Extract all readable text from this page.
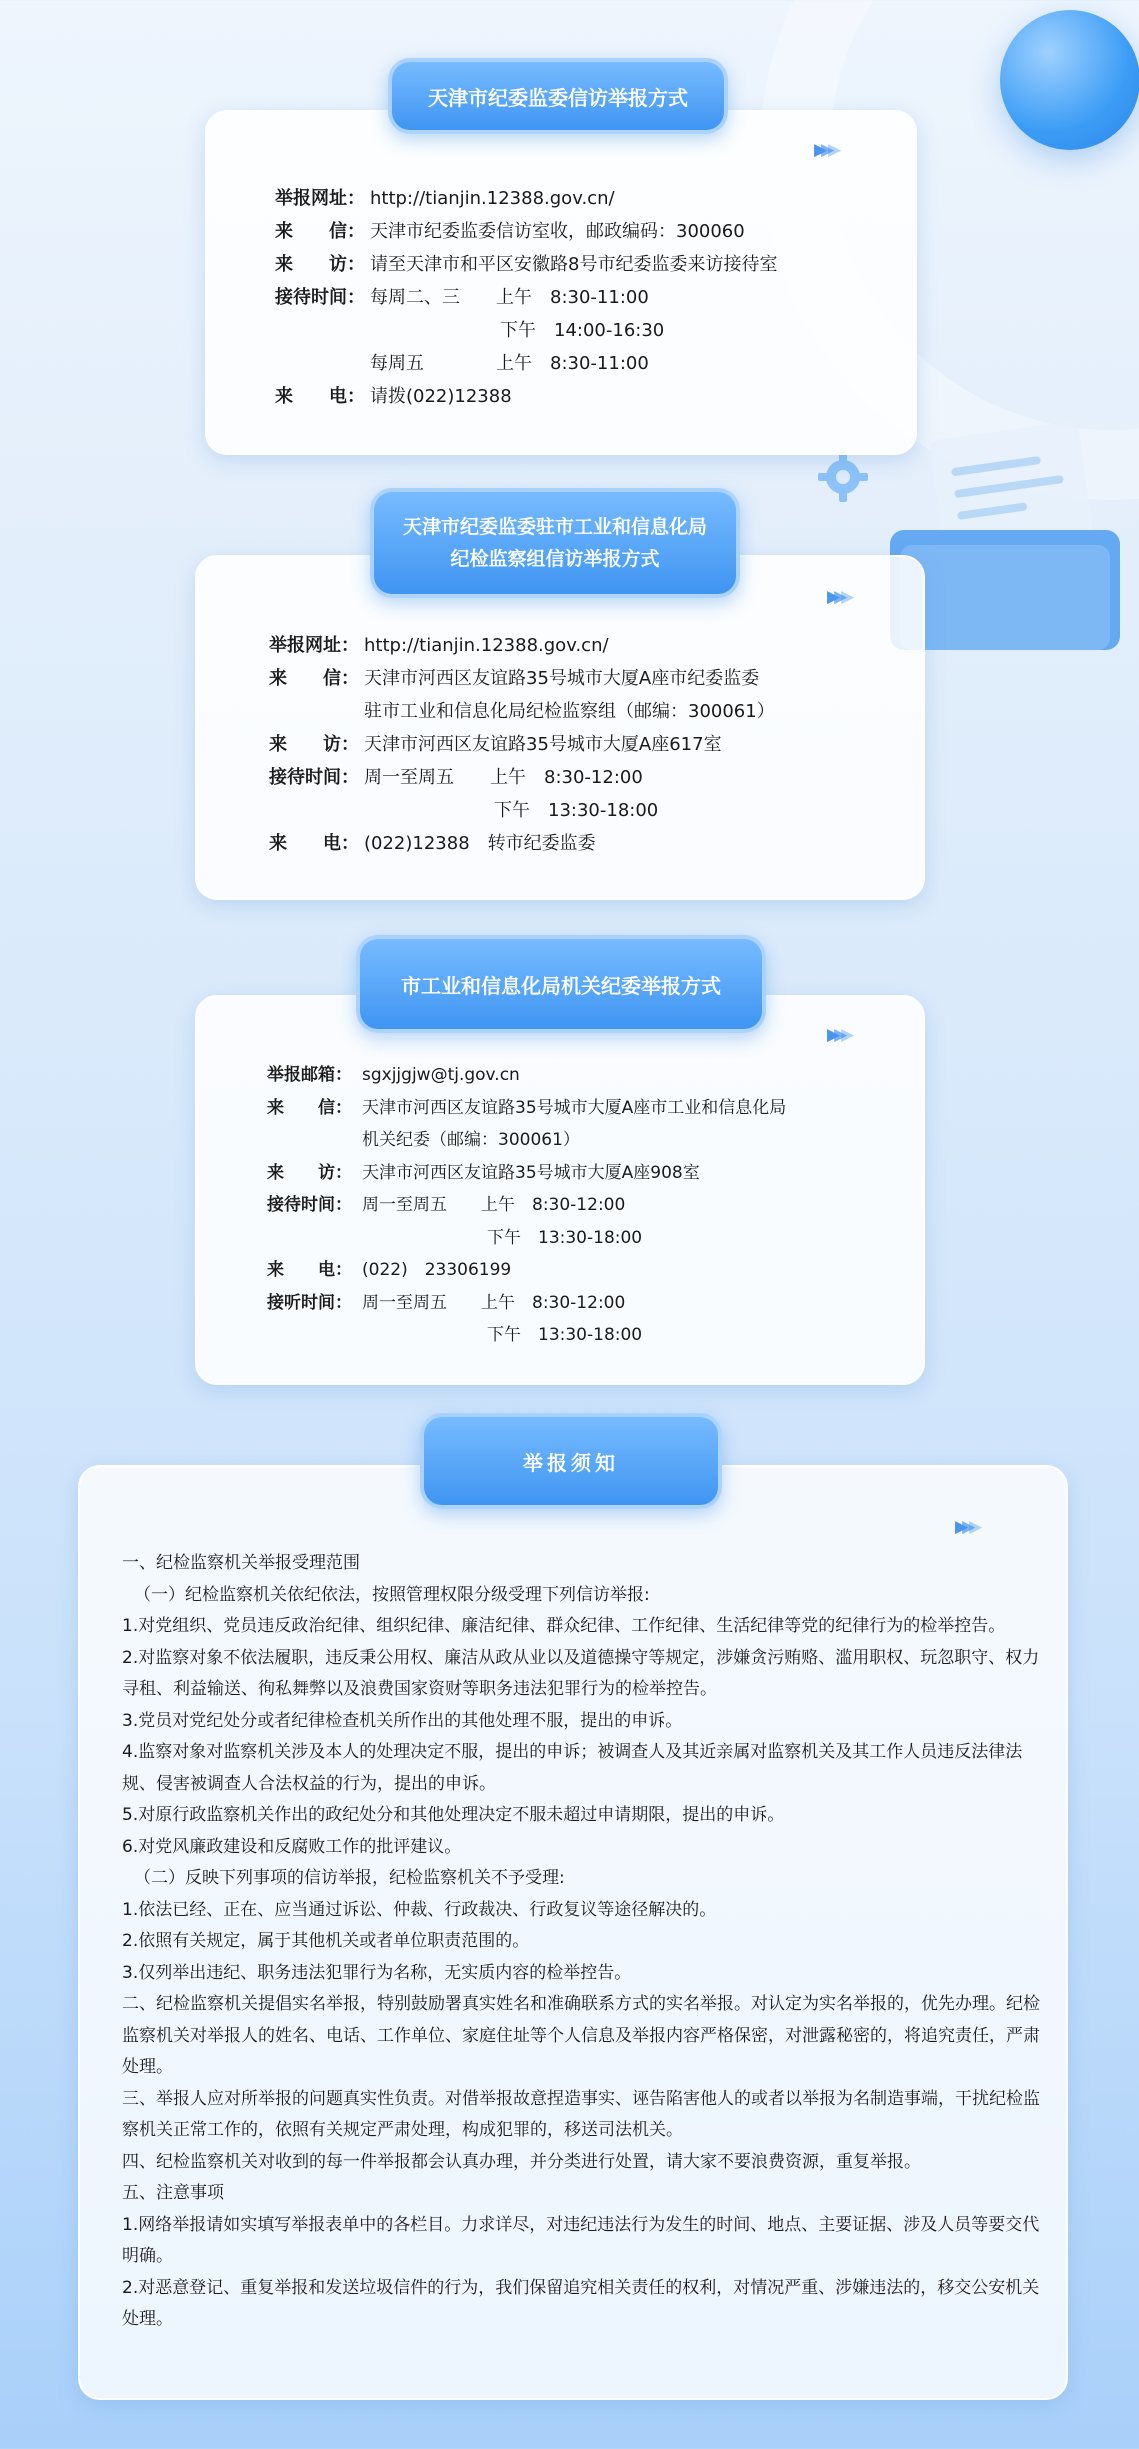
天津市纪委监委信访举报方式
▶▶▶
举报网址： http://tianjin.12388.gov.cn/
来　　信： 天津市纪委监委信访室收，邮政编码：300060
来　　访： 请至天津市和平区安徽路8号市纪委监委来访接待室
接待时间： 每周二、三　　上午　8:30-11:00
下午　14:00-16:30
每周五　　　　上午　8:30-11:00
来　　电： 请拨(022)12388
天津市纪委监委驻市工业和信息化局
纪检监察组信访举报方式
▶▶▶
举报网址： http://tianjin.12388.gov.cn/
来　　信： 天津市河西区友谊路35号城市大厦A座市纪委监委
驻市工业和信息化局纪检监察组（邮编：300061）
来　　访： 天津市河西区友谊路35号城市大厦A座617室
接待时间： 周一至周五　　上午　8:30-12:00
下午　13:30-18:00
来　　电： (022)12388　转市纪委监委
市工业和信息化局机关纪委举报方式
▶▶▶
举报邮箱： sgxjjgjw@tj.gov.cn
来　　信： 天津市河西区友谊路35号城市大厦A座市工业和信息化局
机关纪委（邮编：300061）
来　　访： 天津市河西区友谊路35号城市大厦A座908室
接待时间： 周一至周五　　上午　8:30-12:00
下午　13:30-18:00
来　　电： (022)　23306199
接听时间： 周一至周五　　上午　8:30-12:00
下午　13:30-18:00
举报须知
▶▶▶

一、纪检监察机关举报受理范围

（一）纪检监察机关依纪依法，按照管理权限分级受理下列信访举报:

1.对党组织、党员违反政治纪律、组织纪律、廉洁纪律、群众纪律、工作纪律、生活纪律等党的纪律行为的检举控告。

2.对监察对象不依法履职，违反秉公用权、廉洁从政从业以及道德操守等规定，涉嫌贪污贿赂、滥用职权、玩忽职守、权力寻租、利益输送、徇私舞弊以及浪费国家资财等职务违法犯罪行为的检举控告。

3.党员对党纪处分或者纪律检查机关所作出的其他处理不服，提出的申诉。

4.监察对象对监察机关涉及本人的处理决定不服，提出的申诉；被调查人及其近亲属对监察机关及其工作人员违反法律法规、侵害被调查人合法权益的行为，提出的申诉。

5.对原行政监察机关作出的政纪处分和其他处理决定不服未超过申请期限，提出的申诉。

6.对党风廉政建设和反腐败工作的批评建议。

（二）反映下列事项的信访举报，纪检监察机关不予受理:

1.依法已经、正在、应当通过诉讼、仲裁、行政裁决、行政复议等途径解决的。

2.依照有关规定，属于其他机关或者单位职责范围的。

3.仅列举出违纪、职务违法犯罪行为名称，无实质内容的检举控告。

二、纪检监察机关提倡实名举报，特别鼓励署真实姓名和准确联系方式的实名举报。对认定为实名举报的，优先办理。纪检监察机关对举报人的姓名、电话、工作单位、家庭住址等个人信息及举报内容严格保密，对泄露秘密的，将追究责任，严肃处理。

三、举报人应对所举报的问题真实性负责。对借举报故意捏造事实、诬告陷害他人的或者以举报为名制造事端，干扰纪检监察机关正常工作的，依照有关规定严肃处理，构成犯罪的，移送司法机关。

四、纪检监察机关对收到的每一件举报都会认真办理，并分类进行处置，请大家不要浪费资源，重复举报。

五、注意事项

1.网络举报请如实填写举报表单中的各栏目。力求详尽，对违纪违法行为发生的时间、地点、主要证据、涉及人员等要交代明确。

2.对恶意登记、重复举报和发送垃圾信件的行为，我们保留追究相关责任的权利，对情况严重、涉嫌违法的，移交公安机关处理。
